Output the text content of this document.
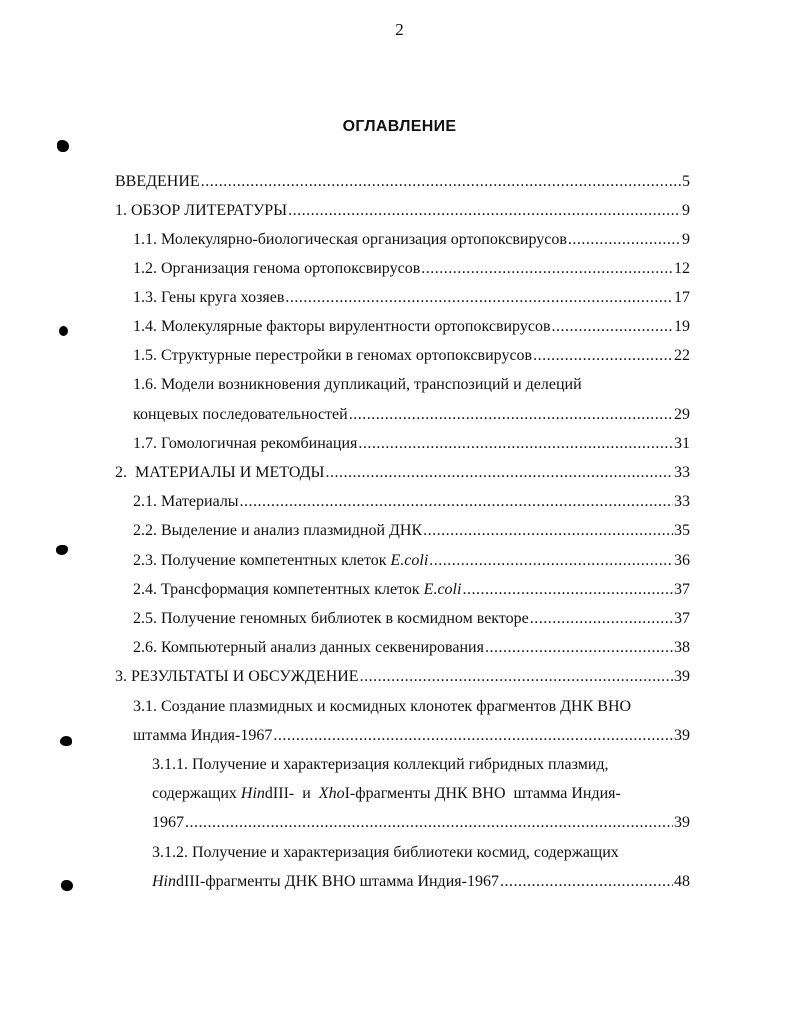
2
ОГЛАВЛЕНИЕ
ВВЕДЕНИЕ .....	5
1. ОБЗОР ЛИТЕРАТУРЫ .....	9
1.1. Молекулярно-биологическая организация ортопоксвирусов .....	9
1.2. Организация генома ортопоксвирусов .....	12
1.3. Гены круга хозяев .....	17
1.4. Молекулярные факторы вирулентности ортопоксвирусов .....	19
1.5. Структурные перестройки в геномах ортопоксвирусов .....	22
1.6. Модели возникновения дупликаций, транспозиций и делеций
концевых последовательностей .....	29
1.7. Гомологичная рекомбинация .....	31
2.  МАТЕРИАЛЫ И МЕТОДЫ .....	33
2.1. Материалы .....	33
2.2. Выделение и анализ плазмидной ДНК .....	35
2.3. Получение компетентных клеток E.coli .....	36
2.4. Трансформация компетентных клеток E.coli .....	37
2.5. Получение геномных библиотек в космидном векторе .....	37
2.6. Компьютерный анализ данных секвенирования .....	38
3. РЕЗУЛЬТАТЫ И ОБСУЖДЕНИЕ .....	39
3.1. Создание плазмидных и космидных клонотек фрагментов ДНК ВНО
штамма Индия-1967 .....	39
3.1.1. Получение и характеризация коллекций гибридных плазмид,
содержащих HindIII-  и  XhoI-фрагменты ДНК ВНО  штамма Индия-
1967 .....	39
3.1.2. Получение и характеризация библиотеки космид, содержащих
HindIII-фрагменты ДНК ВНО штамма Индия-1967 .....	48
